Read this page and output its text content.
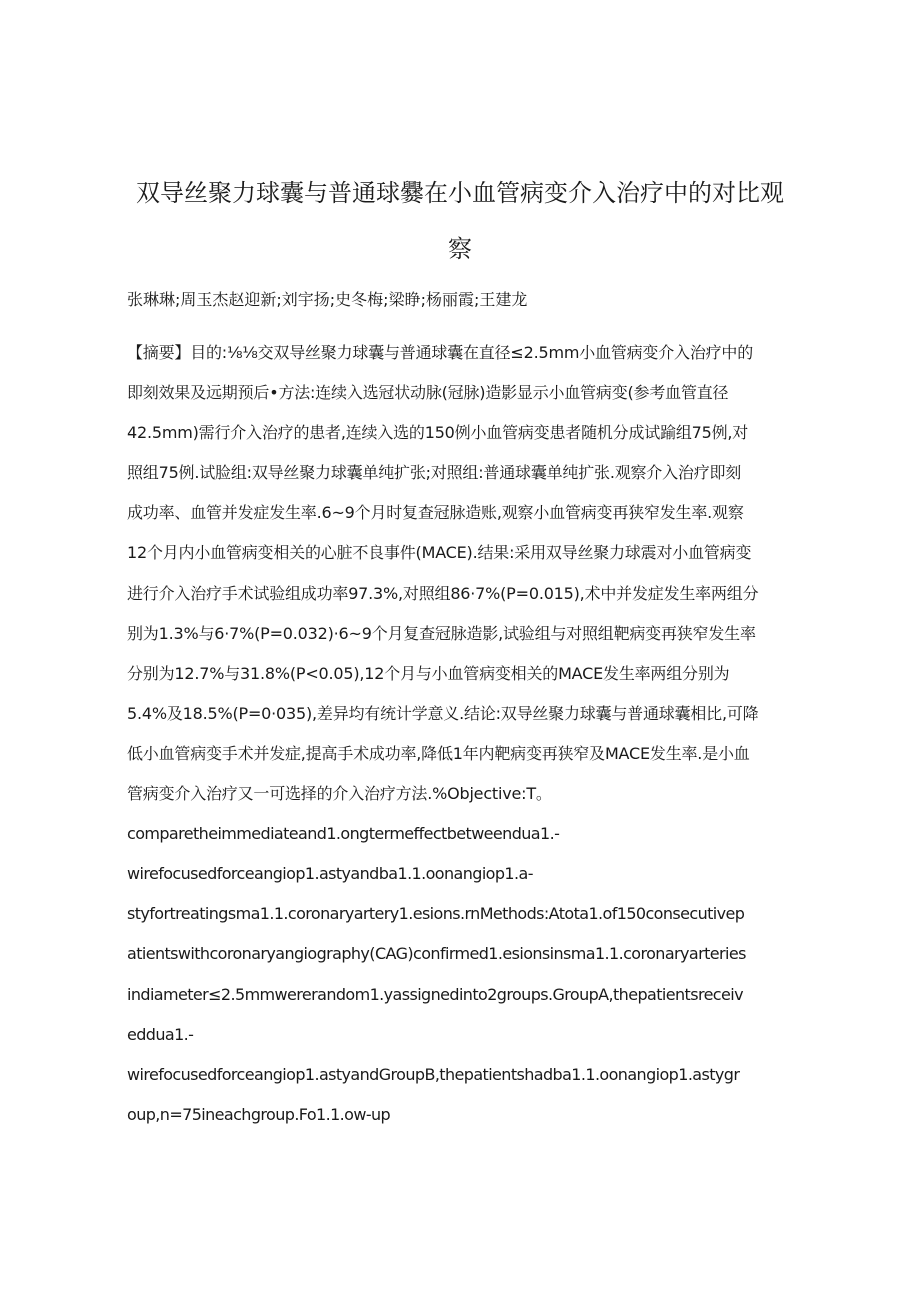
双导丝聚力球囊与普通球爨在小血管病变介入治疗中的对比观
察
张琳琳;周玉杰赵迎新;刘宇扬;史冬梅;梁睁;杨丽霞;王建龙
【摘要】目的:⅛⅛交双导丝聚力球囊与普通球囊在直径≤2.5mm小血管病变介入治疗中的
即刻效果及远期预后•方法:连续入选冠状动脉(冠脉)造影显示小血管病变(参考血管直径
42.5mm)需行介入治疗的患者,连续入选的150例小血管病变患者随机分成试踰组75例,对
照组75例.试脸组:双导丝聚力球囊单纯扩张;对照组:普通球囊单纯扩张.观察介入治疗即刻
成功率、血管并发症发生率.6~9个月时复查冠脉造账,观察小血管病变再狭窄发生率.观察
12个月内小血管病变相关的心脏不良事件(MACE).结果:采用双导丝聚力球震对小血管病变
进行介入治疗手术试验组成功率97.3%,对照组86·7%(P=0.015),术中并发症发生率两组分
别为1.3%与6·7%(P=0.032)·6~9个月复查冠脉造影,试验组与对照组靶病变再狭窄发生率
分别为12.7%与31.8%(P<0.05),12个月与小血管病变相关的MACE发生率两组分别为
5.4%及18.5%(P=0·035),差异均有统计学意义.结论:双导丝聚力球囊与普通球囊相比,可降
低小血管病变手术并发症,提高手术成功率,降低1年内靶病变再狭窄及MACE发生率.是小血
管病变介入治疗又一可选择的介入治疗方法.%Objective:T。
comparetheimmediateand1.ongtermeffectbetweendua1.-
wirefocusedforceangiop1.astyandba1.1.oonangiop1.a-
styfortreatingsma1.1.coronaryartery1.esions.rnMethods:Atota1.of150consecutivep
atientswithcoronaryangiography(CAG)confirmed1.esionsinsma1.1.coronaryarteries
indiameter≤2.5mmwererandom1.yassignedinto2groups.GroupA,thepatientsreceiv
eddua1.-
wirefocusedforceangiop1.astyandGroupB,thepatientshadba1.1.oonangiop1.astygr
oup,n=75ineachgroup.Fo1.1.ow-up
